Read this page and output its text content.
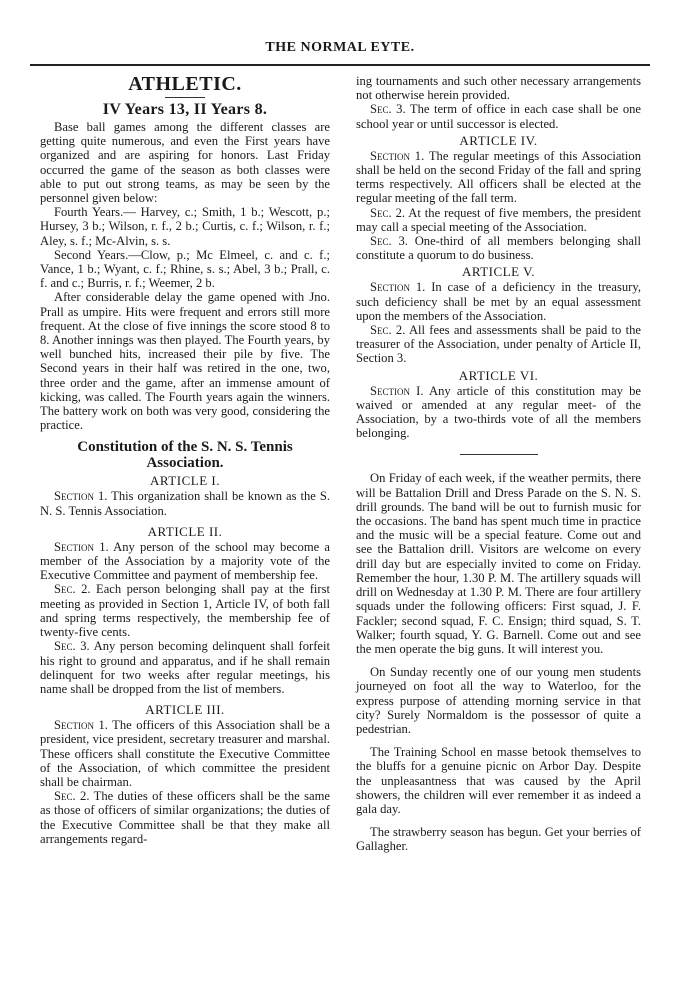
THE NORMAL EYTE.
ATHLETIC.
IV Years 13, II Years 8.

Base ball games among the different classes are getting quite numerous, and even the First years have organized and are aspiring for honors. Last Friday occurred the game of the season as both classes were able to put out strong teams, as may be seen by the personnel given below:

Fourth Years.— Harvey, c.; Smith, 1 b.; Wescott, p.; Hursey, 3 b.; Wilson, r. f., 2 b.; Curtis, c. f.; Wilson, r. f.; Aley, s. f.; Mc-Alvin, s. s.

Second Years.—Clow, p.; Mc Elmeel, c. and c. f.; Vance, 1 b.; Wyant, c. f.; Rhine, s. s.; Abel, 3 b.; Prall, c. f. and c.; Burris, r. f.; Weemer, 2 b.

After considerable delay the game opened with Jno. Prall as umpire. Hits were frequent and errors still more frequent. At the close of five innings the score stood 8 to 8. Another innings was then played. The Fourth years, by well bunched hits, increased their pile by five. The Second years in their half was retired in the one, two, three order and the game, after an immense amount of kicking, was called. The Fourth years again the winners. The battery work on both was very good, considering the practice.

Constitution of the S. N. S. Tennis Association.
ARTICLE I.

Section 1. This organization shall be known as the S. N. S. Tennis Association.

ARTICLE II.

Section 1. Any person of the school may become a member of the Association by a majority vote of the Executive Committee and payment of membership fee.

Sec. 2. Each person belonging shall pay at the first meeting as provided in Section 1, Article IV, of both fall and spring terms respectively, the membership fee of twenty-five cents.

Sec. 3. Any person becoming delinquent shall forfeit his right to ground and apparatus, and if he shall remain delinquent for two weeks after regular meetings, his name shall be dropped from the list of members.

ARTICLE III.

Section 1. The officers of this Association shall be a president, vice president, secretary treasurer and marshal. These officers shall constitute the Executive Committee of the Association, of which committee the president shall be chairman.

Sec. 2. The duties of these officers shall be the same as those of officers of similar organizations; the duties of the Executive Committee shall be that they make all arrangements regard-

ing tournaments and such other necessary arrangements not otherwise herein provided.

Sec. 3. The term of office in each case shall be one school year or until successor is elected.

ARTICLE IV.

Section 1. The regular meetings of this Association shall be held on the second Friday of the fall and spring terms respectively. All officers shall be elected at the regular meeting of the fall term.

Sec. 2. At the request of five members, the president may call a special meeting of the Association.

Sec. 3. One-third of all members belonging shall constitute a quorum to do business.

ARTICLE V.

Section 1. In case of a deficiency in the treasury, such deficiency shall be met by an equal assessment upon the members of the Association.

Sec. 2. All fees and assessments shall be paid to the treasurer of the Association, under penalty of Article II, Section 3.

ARTICLE VI.

Section I. Any article of this constitution may be waived or amended at any regular meet- of the Association, by a two-thirds vote of all the members belonging.

On Friday of each week, if the weather permits, there will be Battalion Drill and Dress Parade on the S. N. S. drill grounds. The band will be out to furnish music for the occasions. The band has spent much time in practice and the music will be a special feature. Come out and see the Battalion drill. Visitors are welcome on every drill day but are especially invited to come on Friday. Remember the hour, 1.30 P. M. The artillery squads will drill on Wednesday at 1.30 P. M. There are four artillery squads under the following officers: First squad, J. F. Fackler; second squad, F. C. Ensign; third squad, S. T. Walker; fourth squad, Y. G. Barnell. Come out and see the men operate the big guns. It will interest you.

On Sunday recently one of our young men students journeyed on foot all the way to Waterloo, for the express purpose of attending morning service in that city? Surely Normaldom is the possessor of quite a pedestrian.

The Training School en masse betook themselves to the bluffs for a genuine picnic on Arbor Day. Despite the unpleasantness that was caused by the April showers, the children will ever remember it as indeed a gala day.

The strawberry season has begun. Get your berries of Gallagher.
